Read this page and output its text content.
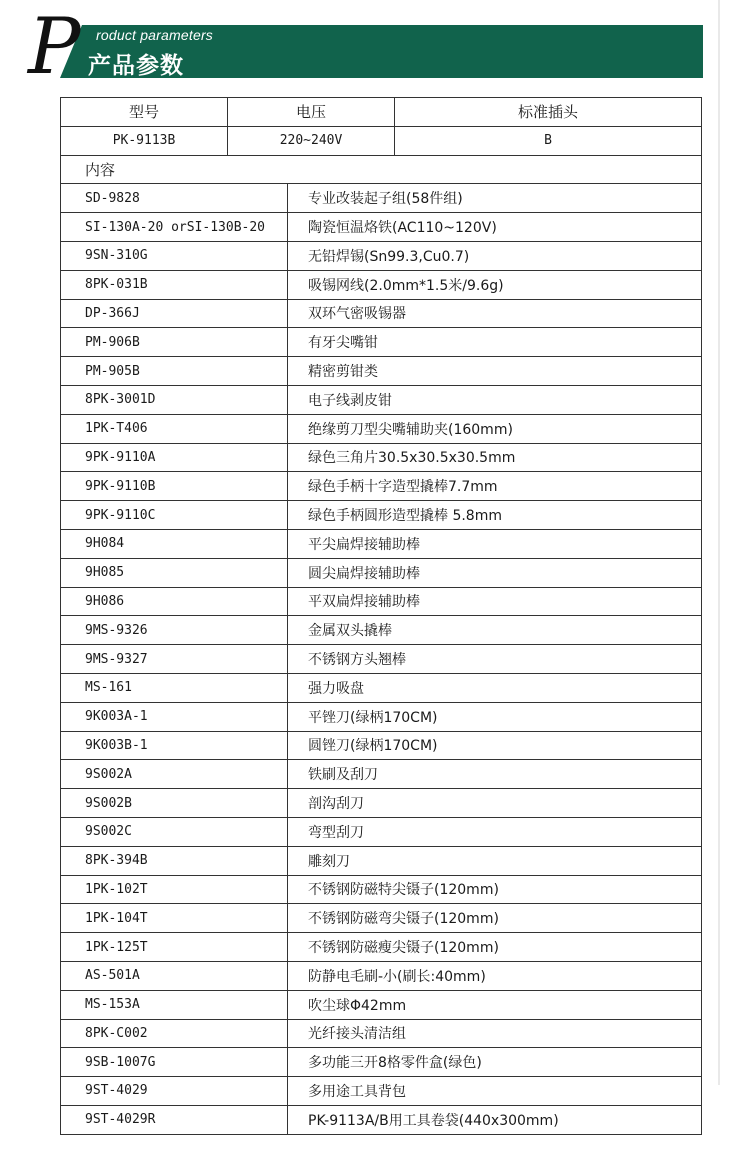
P roduct parameters
产品参数
型号	电压		标准插头
PK-9113B	220~240V		B
内容			
SD-9828		专业改装起子组(58件组)	
SI-130A-20 orSI-130B-20		陶瓷恒温烙铁(AC110~120V)	
9SN-310G		无铅焊锡(Sn99.3,Cu0.7)	
8PK-031B		吸锡网线(2.0mm*1.5米/9.6g)	
DP-366J		双环气密吸锡器	
PM-906B		有牙尖嘴钳	
PM-905B		精密剪钳类	
8PK-3001D		电子线剥皮钳	
1PK-T406		绝缘剪刀型尖嘴辅助夹(160mm)	
9PK-9110A		绿色三角片30.5x30.5x30.5mm	
9PK-9110B		绿色手柄十字造型撬棒7.7mm	
9PK-9110C		绿色手柄圆形造型撬棒 5.8mm	
9H084		平尖扁焊接辅助棒	
9H085		圆尖扁焊接辅助棒	
9H086		平双扁焊接辅助棒	
9MS-9326		金属双头撬棒	
9MS-9327		不锈钢方头翘棒	
MS-161		强力吸盘	
9K003A-1		平锉刀(绿柄170CM)	
9K003B-1		圆锉刀(绿柄170CM)	
9S002A		铁刷及刮刀	
9S002B		剖沟刮刀	
9S002C		弯型刮刀	
8PK-394B		雕刻刀	
1PK-102T		不锈钢防磁特尖镊子(120mm)	
1PK-104T		不锈钢防磁弯尖镊子(120mm)	
1PK-125T		不锈钢防磁瘦尖镊子(120mm)	
AS-501A		防静电毛刷-小(刷长:40mm)	
MS-153A		吹尘球Φ42mm	
8PK-C002		光纤接头清洁组	
9SB-1007G		多功能三开8格零件盒(绿色)	
9ST-4029		多用途工具背包	
9ST-4029R		PK-9113A/B用工具卷袋(440x300mm)	
